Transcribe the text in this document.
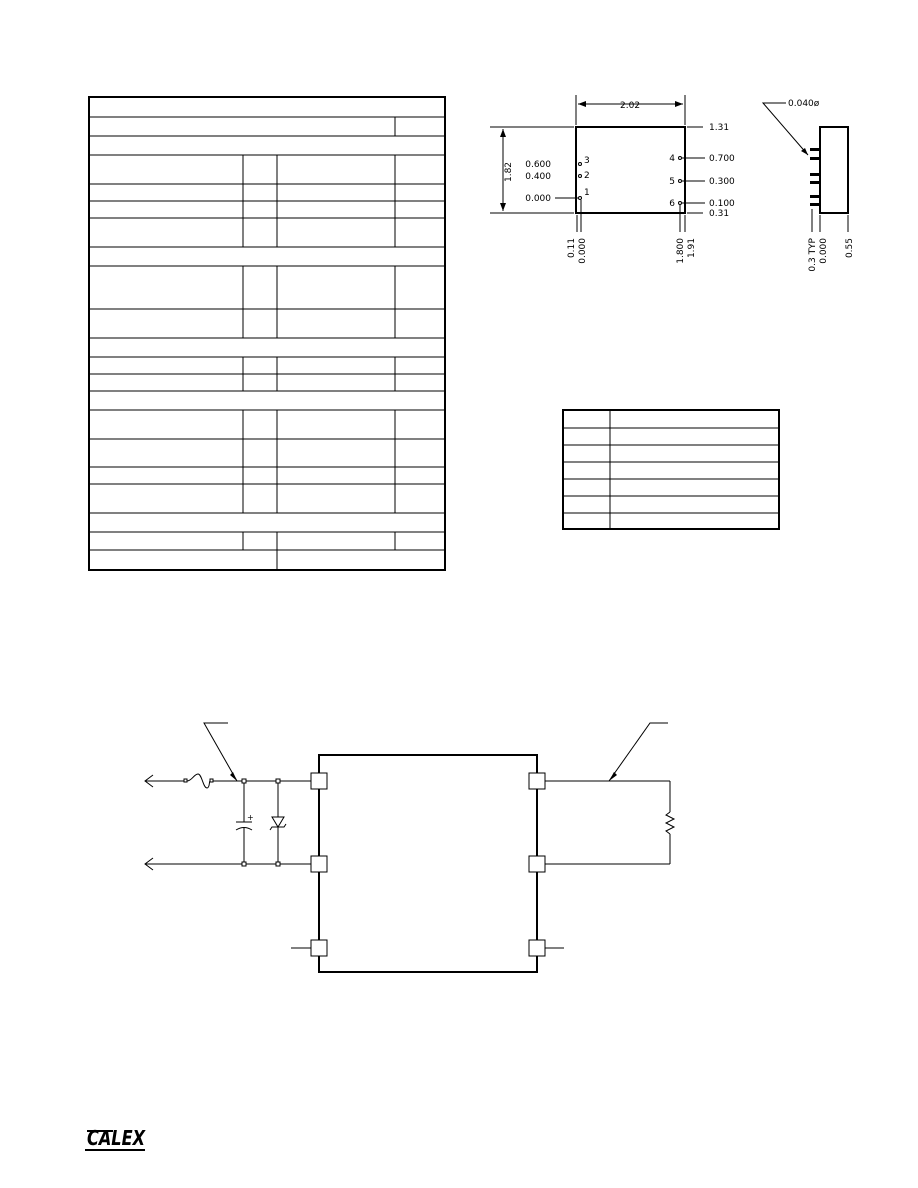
2.02
1.31
0.31
1.82 0.600	3
0.400	2
0.000
1
4	0.700
5	0.300
6	0.100
0.11 0.000	1.800 1.91
0.040ø
0.3 TYP 0.000 0.55
+
CALEX
